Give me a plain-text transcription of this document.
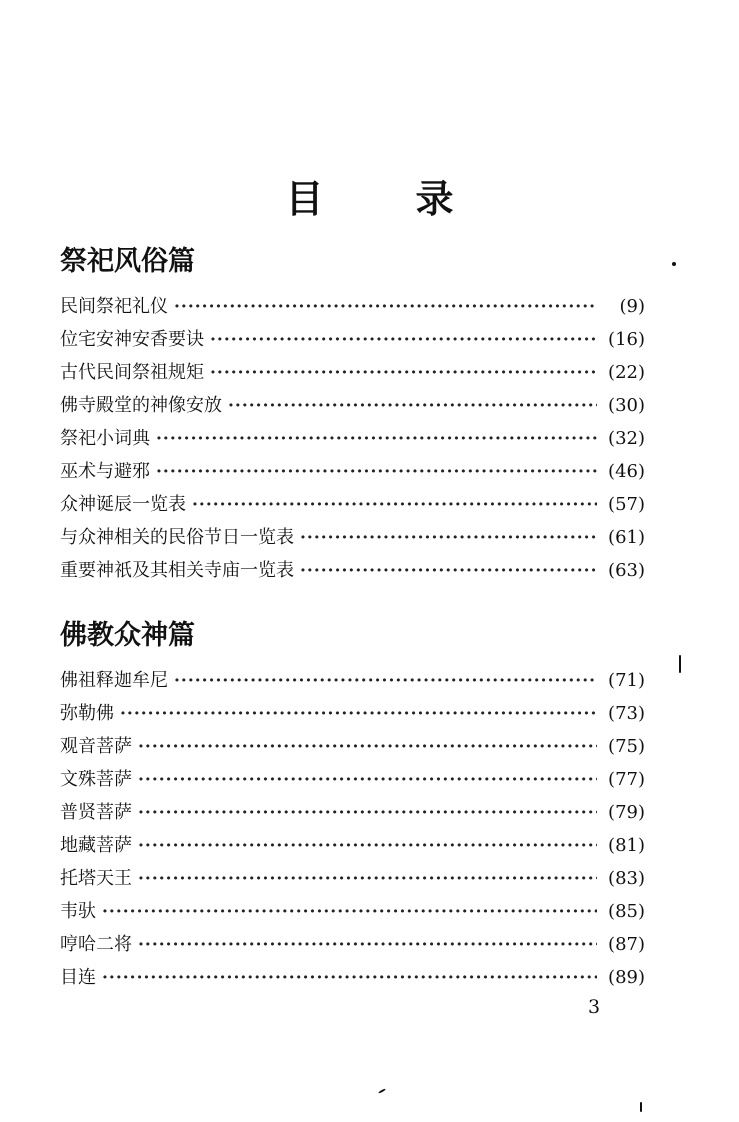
目 录
祭祀风俗篇
民间祭祀礼仪 ·····	(9)
位宅安神安香要诀 ·····	(16)
古代民间祭祖规矩 ·····	(22)
佛寺殿堂的神像安放 ·····	(30)
祭祀小词典 ·····	(32)
巫术与避邪 ·····	(46)
众神诞辰一览表 ·····	(57)
与众神相关的民俗节日一览表 ·····	(61)
重要神祇及其相关寺庙一览表 ·····	(63)
佛教众神篇
佛祖释迦牟尼 ·····	(71)
弥勒佛 ·····	(73)
观音菩萨 ·····	(75)
文殊菩萨 ·····	(77)
普贤菩萨 ·····	(79)
地藏菩萨 ·····	(81)
托塔天王 ·····	(83)
韦驮 ·····	(85)
哼哈二将 ·····	(87)
目连 ·····	(89)
3
